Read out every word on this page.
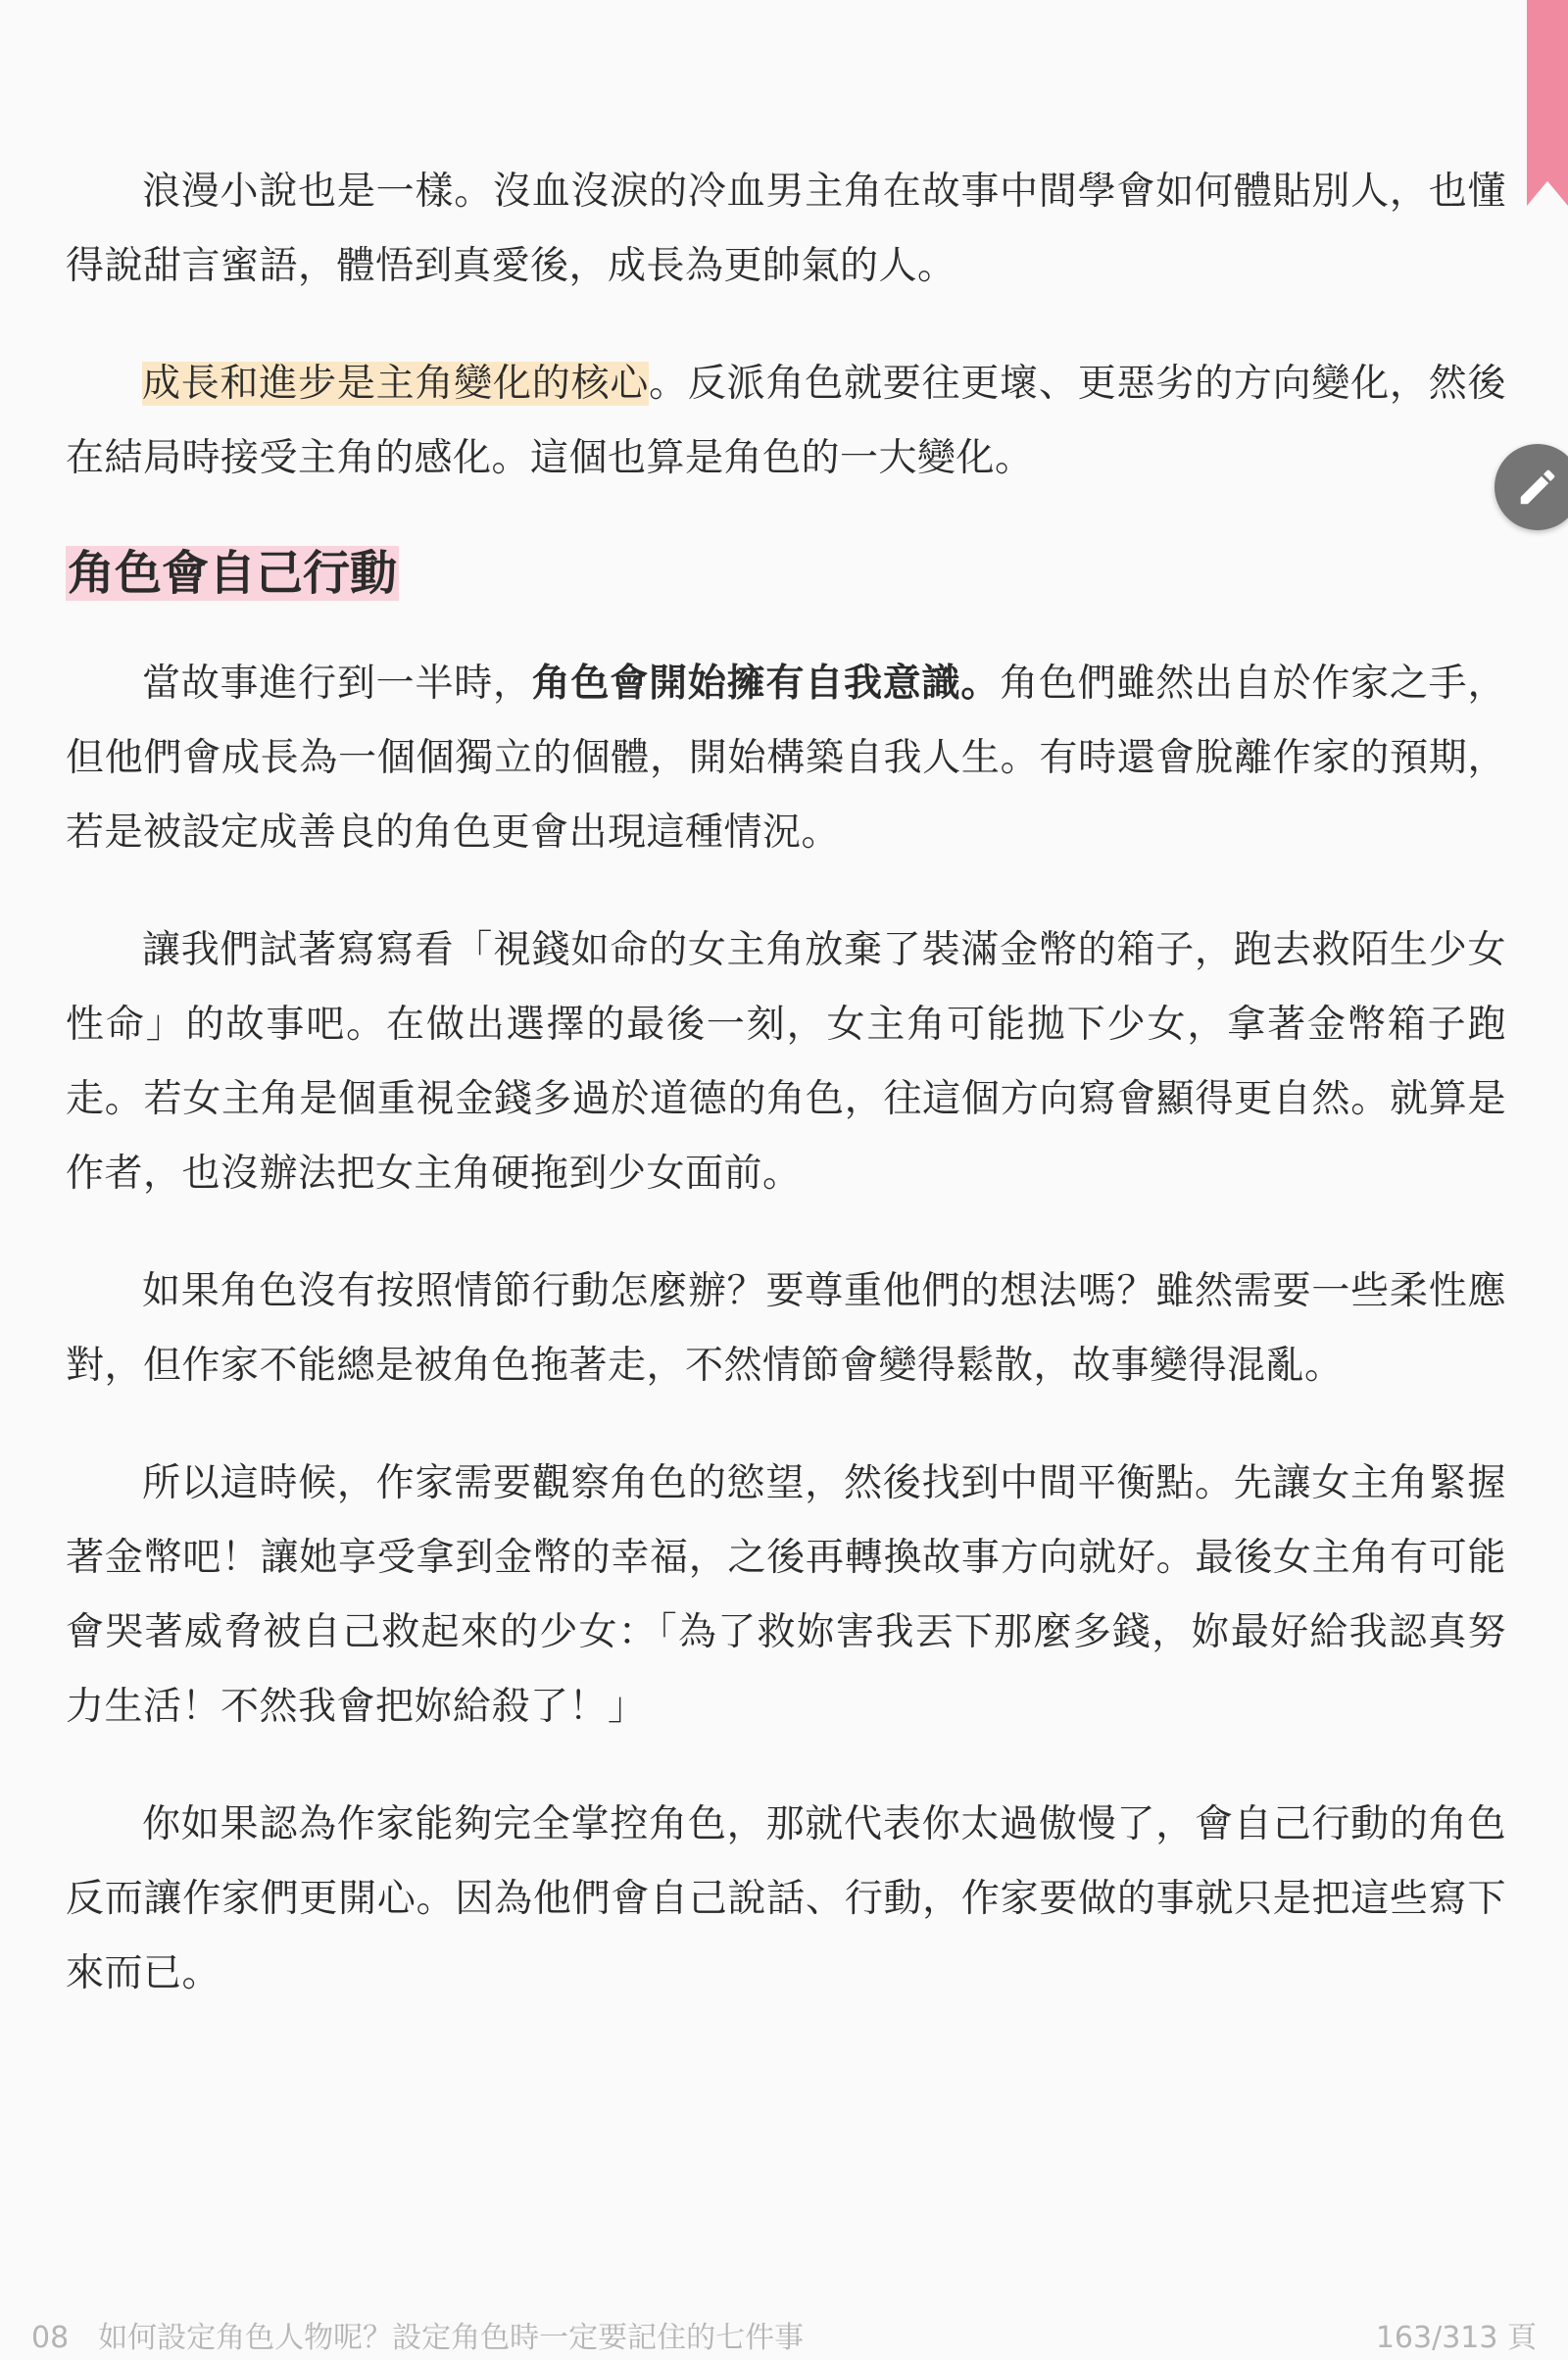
浪漫小說也是一樣。沒血沒淚的冷血男主角在故事中間學會如何體貼別人，也懂得說甜言蜜語，體悟到真愛後，成長為更帥氣的人。

成長和進步是主角變化的核心。反派角色就要往更壞、更惡劣的方向變化，然後在結局時接受主角的感化。這個也算是角色的一大變化。

角色會自己行動

當故事進行到一半時，角色會開始擁有自我意識。角色們雖然出自於作家之手，但他們會成長為一個個獨立的個體，開始構築自我人生。有時還會脫離作家的預期，若是被設定成善良的角色更會出現這種情況。

讓我們試著寫寫看「視錢如命的女主角放棄了裝滿金幣的箱子，跑去救陌生少女性命」的故事吧。在做出選擇的最後一刻，女主角可能拋下少女，拿著金幣箱子跑走。若女主角是個重視金錢多過於道德的角色，往這個方向寫會顯得更自然。就算是作者，也沒辦法把女主角硬拖到少女面前。

如果角色沒有按照情節行動怎麼辦？要尊重他們的想法嗎？雖然需要一些柔性應對，但作家不能總是被角色拖著走，不然情節會變得鬆散，故事變得混亂。

所以這時候，作家需要觀察角色的慾望，然後找到中間平衡點。先讓女主角緊握著金幣吧！讓她享受拿到金幣的幸福，之後再轉換故事方向就好。最後女主角有可能會哭著威脅被自己救起來的少女：「為了救妳害我丟下那麼多錢，妳最好給我認真努力生活！不然我會把妳給殺了！」

你如果認為作家能夠完全掌控角色，那就代表你太過傲慢了，會自己行動的角色反而讓作家們更開心。因為他們會自己說話、行動，作家要做的事就只是把這些寫下來而已。

08 如何設定角色人物呢？設定角色時一定要記住的七件事	163/313 頁
